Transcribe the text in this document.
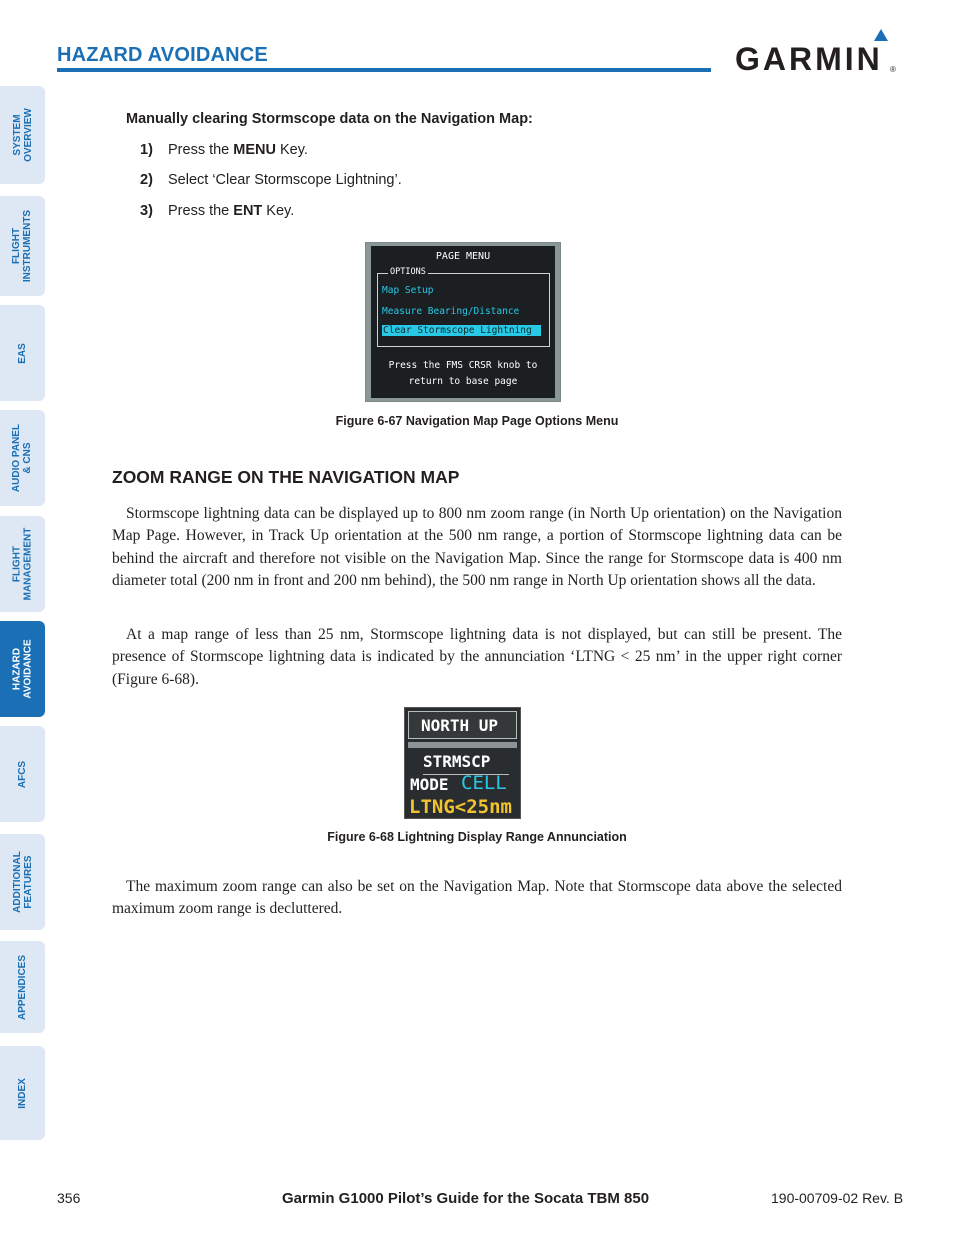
HAZARD AVOIDANCE	GARMIN ®
SYSTEM
OVERVIEW
FLIGHT
INSTRUMENTS
EAS
AUDIO PANEL
& CNS
FLIGHT
MANAGEMENT
HAZARD
AVOIDANCE
AFCS
ADDITIONAL
FEATURES
APPENDICES
INDEX
Manually clearing Stormscope data on the Navigation Map:
1) Press the MENU Key.
2) Select ‘Clear Stormscope Lightning’.
3) Press the ENT Key.
PAGE MENU
OPTIONS
Map Setup
Measure Bearing/Distance
Clear Stormscope Lightning
Press the FMS CRSR knob to
return to base page
Figure 6-67 Navigation Map Page Options Menu
ZOOM RANGE ON THE NAVIGATION MAP
Stormscope lightning data can be displayed up to 800 nm zoom range (in North Up orientation) on the Navigation Map Page. However, in Track Up orientation at the 500 nm range, a portion of Stormscope lightning data can be behind the aircraft and therefore not visible on the Navigation Map. Since the range for Stormscope data is 400 nm diameter total (200 nm in front and 200 nm behind), the 500 nm range in North Up orientation shows all the data.
At a map range of less than 25 nm, Stormscope lightning data is not displayed, but can still be present. The presence of Stormscope lightning data is indicated by the annunciation ‘LTNG < 25 nm’ in the upper right corner (Figure 6-68).
NORTH UP
STRMSCP
MODE CELL
LTNG<25nm
Figure 6-68 Lightning Display Range Annunciation
The maximum zoom range can also be set on the Navigation Map. Note that Stormscope data above the selected maximum zoom range is decluttered.
356	Garmin G1000 Pilot’s Guide for the Socata TBM 850	190-00709-02 Rev. B
